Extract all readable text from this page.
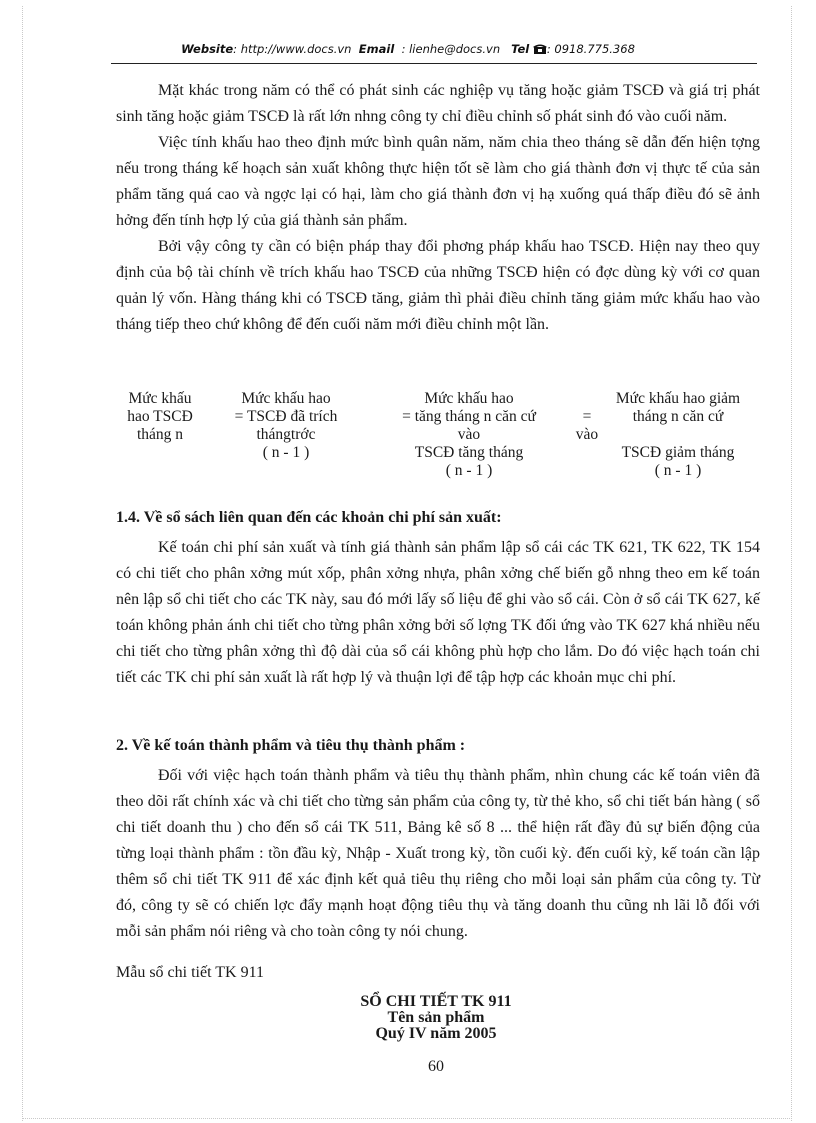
Website: http://www.docs.vn Email : lienhe@docs.vn Tel : 0918.775.368

Mặt khác trong năm có thể có phát sinh các nghiệp vụ tăng hoặc giảm TSCĐ và giá trị phát sinh tăng hoặc giảm TSCĐ là rất lớn nhng công ty chỉ điều chỉnh số phát sinh đó vào cuối năm.

Việc tính khấu hao theo định mức bình quân năm, năm chia theo tháng sẽ dẫn đến hiện tợng nếu trong tháng kế hoạch sản xuất không thực hiện tốt sẽ làm cho giá thành đơn vị thực tế của sản phẩm tăng quá cao và ngợc lại có hại, làm cho giá thành đơn vị hạ xuống quá thấp điều đó sẽ ảnh hởng đến tính hợp lý của giá thành sản phẩm.

Bởi vậy công ty cần có biện pháp thay đổi phơng pháp khấu hao TSCĐ. Hiện nay theo quy định của bộ tài chính về trích khấu hao TSCĐ của những TSCĐ hiện có đợc dùng kỳ với cơ quan quản lý vốn. Hàng tháng khi có TSCĐ tăng, giảm thì phải điều chỉnh tăng giảm mức khấu hao vào tháng tiếp theo chứ không để đến cuối năm mới điều chỉnh một lần.

Mức khấu
hao TSCĐ
tháng n
Mức khấu hao
= TSCĐ đã trích
thángtrớc
( n - 1 )
Mức khấu hao
= tăng tháng n căn cứ
vào
TSCĐ tăng tháng
( n - 1 )

=
vào
Mức khấu hao giảm
tháng n căn cứ

TSCĐ giảm tháng
( n - 1 )
1.4. Về sổ sách liên quan đến các khoản chi phí sản xuất:

Kế toán chi phí sản xuất và tính giá thành sản phẩm lập sổ cái các TK 621, TK 622, TK 154 có chi tiết cho phân xởng mút xốp, phân xởng nhựa, phân xởng chế biến gỗ nhng theo em kế toán nên lập sổ chi tiết cho các TK này, sau đó mới lấy số liệu để ghi vào sổ cái. Còn ở sổ cái TK 627, kế toán không phản ánh chi tiết cho từng phân xởng bởi số lợng TK đối ứng vào TK 627 khá nhiều nếu chi tiết cho từng phân xởng thì độ dài của sổ cái không phù hợp cho lắm. Do đó việc hạch toán chi tiết các TK chi phí sản xuất là rất hợp lý và thuận lợi để tập hợp các khoản mục chi phí.

2. Về kế toán thành phẩm và tiêu thụ thành phẩm :

Đối với việc hạch toán thành phẩm và tiêu thụ thành phẩm, nhìn chung các kế toán viên đã theo dõi rất chính xác và chi tiết cho từng sản phẩm của công ty, từ thẻ kho, sổ chi tiết bán hàng ( sổ chi tiết doanh thu ) cho đến sổ cái TK 511, Bảng kê số 8 ... thể hiện rất đầy đủ sự biến động của từng loại thành phẩm : tồn đầu kỳ, Nhập - Xuất trong kỳ, tồn cuối kỳ. đến cuối kỳ, kế toán cần lập thêm sổ chi tiết TK 911 để xác định kết quả tiêu thụ riêng cho mỗi loại sản phẩm của công ty. Từ đó, công ty sẽ có chiến lợc đẩy mạnh hoạt động tiêu thụ và tăng doanh thu cũng nh lãi lỗ đối với mỗi sản phẩm nói riêng và cho toàn công ty nói chung.

Mẫu sổ chi tiết TK 911
SỔ CHI TIẾT TK 911
Tên sản phẩm
Quý IV năm 2005
60
